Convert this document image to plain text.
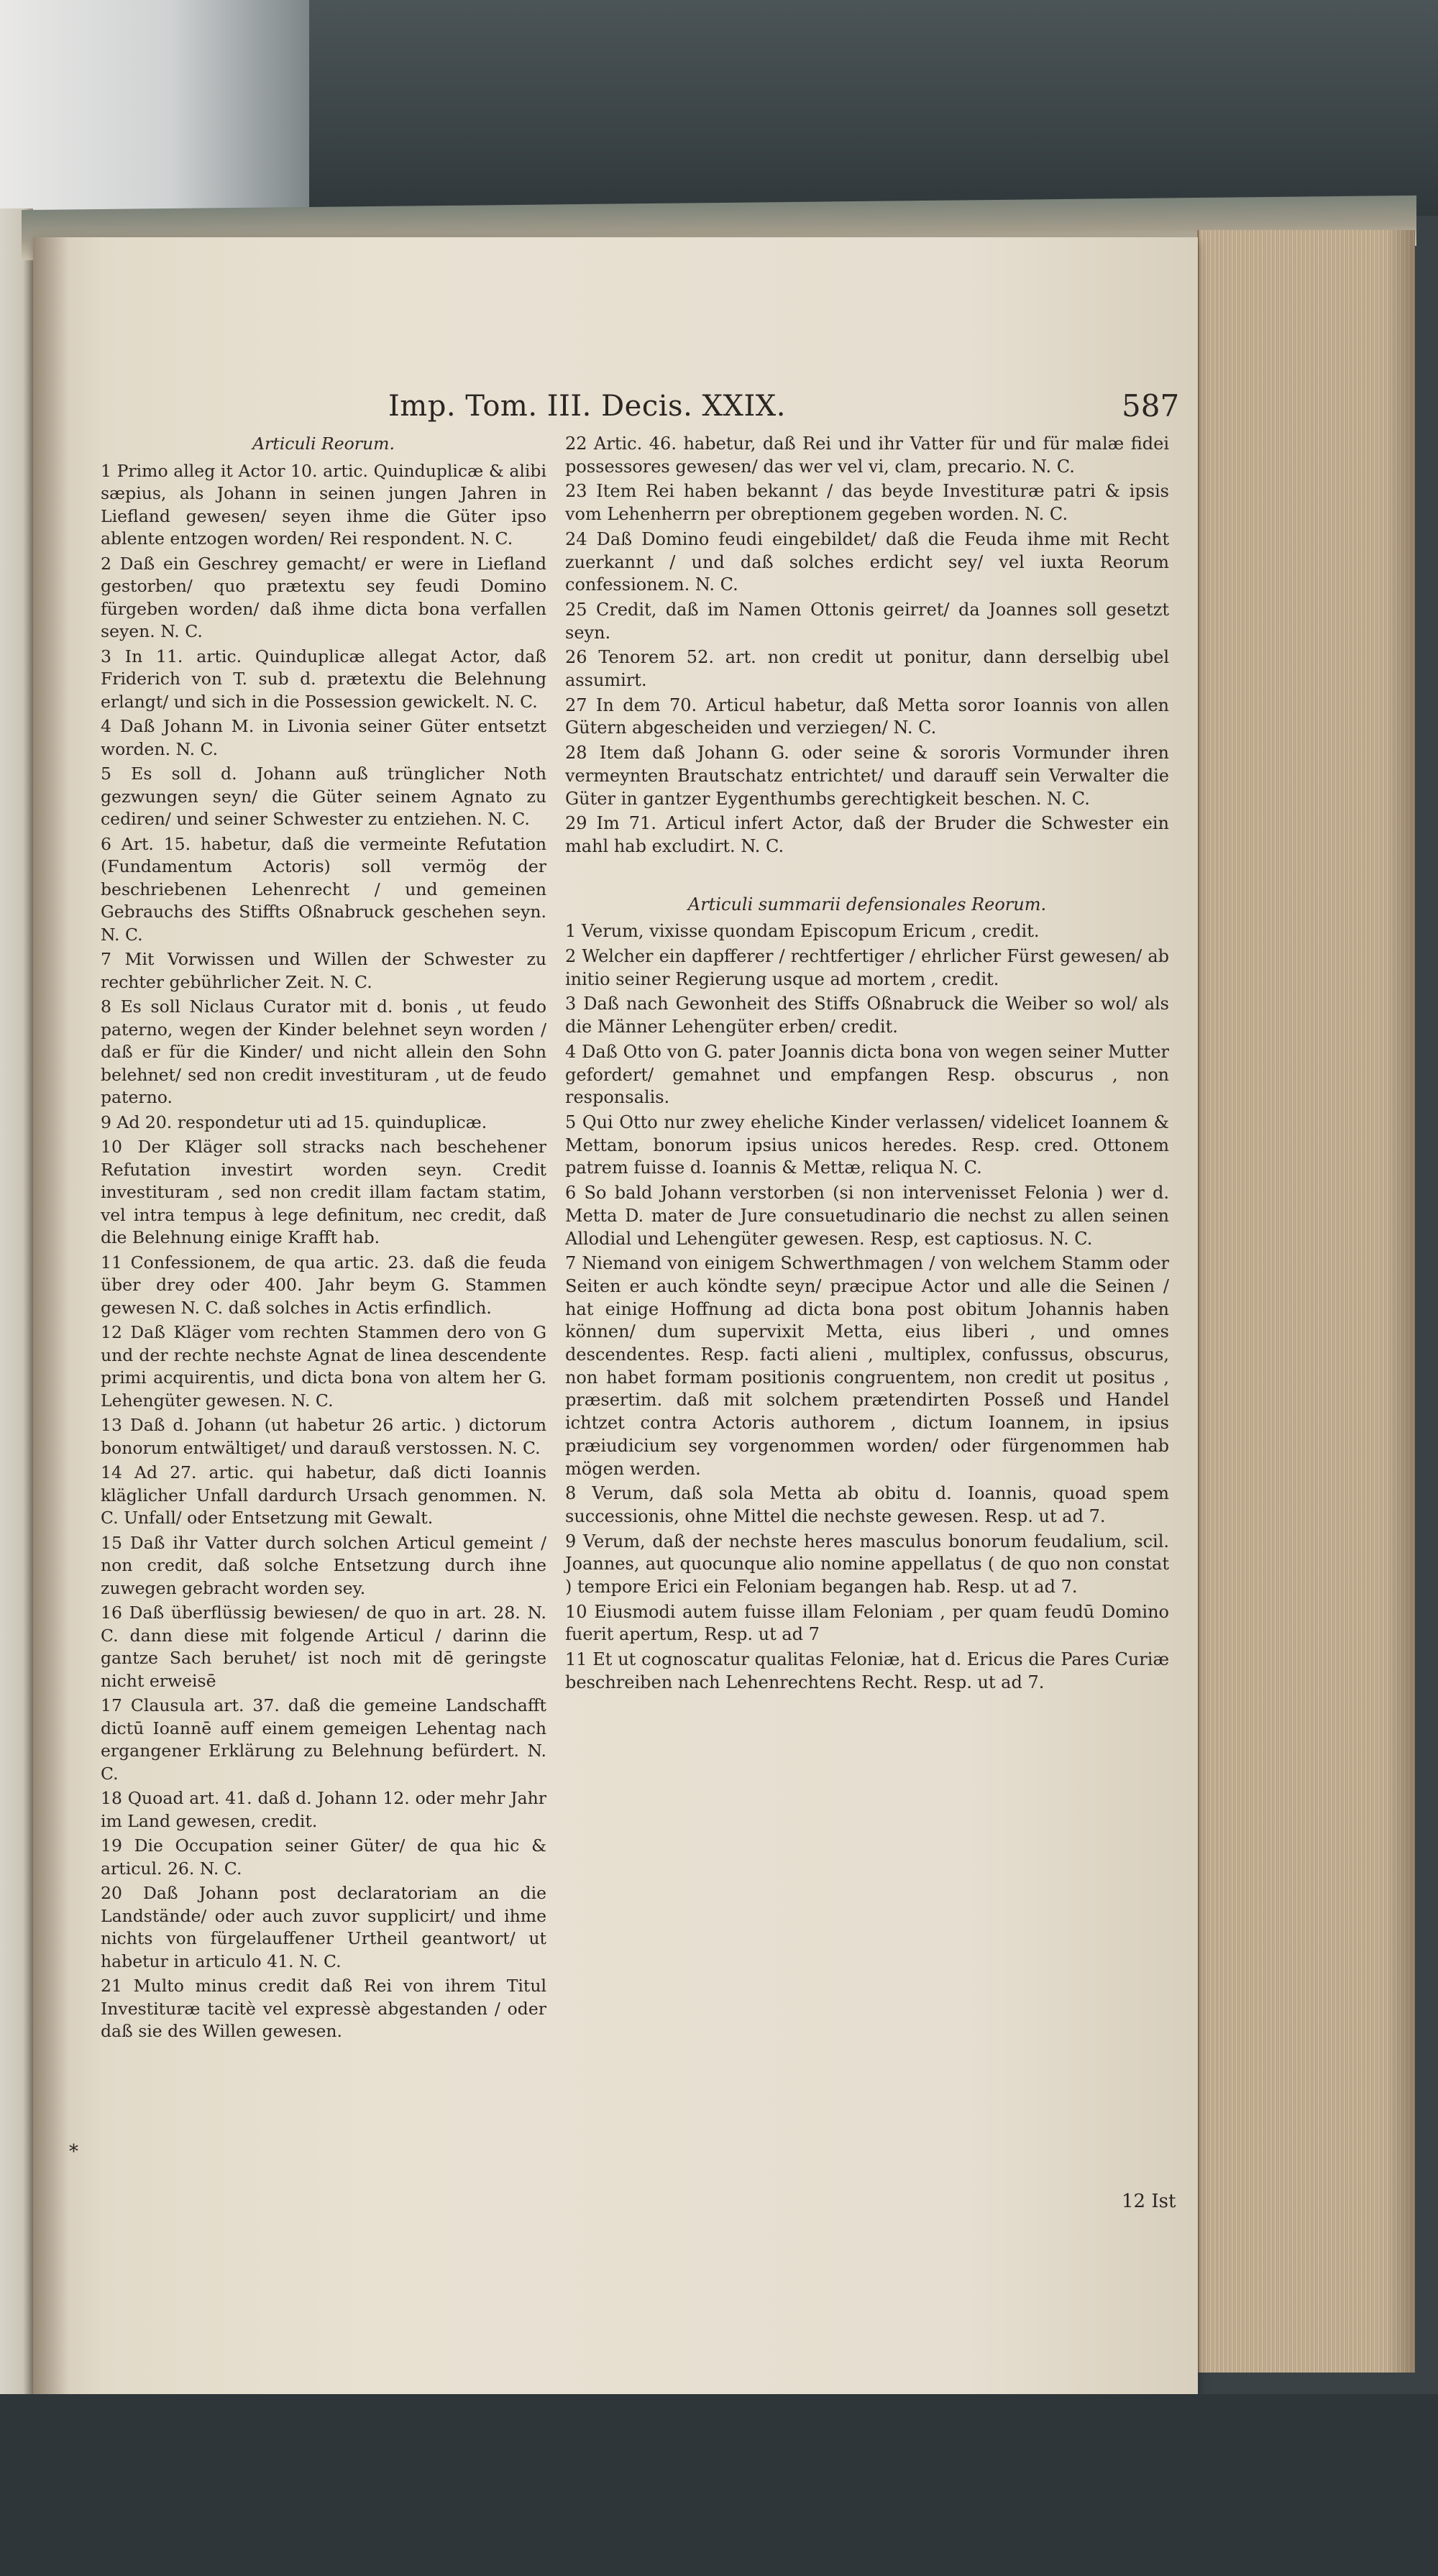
Imp. Tom. III. Decis. XXIX.	587

Articuli Reorum.

1 Primo alleg it Actor 10. artic. Quinduplicæ & alibi sæpius, als Johann in seinen jungen Jahren in Liefland gewesen/ seyen ihme die Güter ipso ablente entzogen worden/ Rei respondent. N. C.

2 Daß ein Geschrey gemacht/ er were in Liefland gestorben/ quo prætextu sey feudi Domino fürgeben worden/ daß ihme dicta bona verfallen seyen. N. C.

3 In 11. artic. Quinduplicæ allegat Actor, daß Friderich von T. sub d. prætextu die Belehnung erlangt/ und sich in die Possession gewickelt. N. C.

4 Daß Johann M. in Livonia seiner Güter entsetzt worden. N. C.

5 Es soll d. Johann auß trünglicher Noth gezwungen seyn/ die Güter seinem Agnato zu cediren/ und seiner Schwester zu entziehen. N. C.

6 Art. 15. habetur, daß die vermeinte Refutation (Fundamentum Actoris) soll vermög der beschriebenen Lehenrecht / und gemeinen Gebrauchs des Stiffts Oßnabruck geschehen seyn. N. C.

7 Mit Vorwissen und Willen der Schwester zu rechter gebührlicher Zeit. N. C.

8 Es soll Niclaus Curator mit d. bonis , ut feudo paterno, wegen der Kinder belehnet seyn worden / daß er für die Kinder/ und nicht allein den Sohn belehnet/ sed non credit investituram , ut de feudo paterno.

9 Ad 20. respondetur uti ad 15. quinduplicæ.

10 Der Kläger soll stracks nach beschehener Refutation investirt worden seyn. Credit investituram , sed non credit illam factam statim, vel intra tempus à lege definitum, nec credit, daß die Belehnung einige Krafft hab.

11 Confessionem, de qua artic. 23. daß die feuda über drey oder 400. Jahr beym G. Stammen gewesen N. C. daß solches in Actis erfindlich.

12 Daß Kläger vom rechten Stammen dero von G und der rechte nechste Agnat de linea descendente primi acquirentis, und dicta bona von altem her G. Lehengüter gewesen. N. C.

13 Daß d. Johann (ut habetur 26 artic. ) dictorum bonorum entwältiget/ und darauß verstossen. N. C.

14 Ad 27. artic. qui habetur, daß dicti Ioannis kläglicher Unfall dardurch Ursach genommen. N. C. Unfall/ oder Entsetzung mit Gewalt.

15 Daß ihr Vatter durch solchen Articul gemeint / non credit, daß solche Entsetzung durch ihne zuwegen gebracht worden sey.

16 Daß überflüssig bewiesen/ de quo in art. 28. N. C. dann diese mit folgende Articul / darinn die gantze Sach beruhet/ ist noch mit dē geringste nicht erweisē

17 Clausula art. 37. daß die gemeine Landschafft dictū Ioannē auff einem gemeigen Lehentag nach ergangener Erklärung zu Belehnung befürdert. N. C.

18 Quoad art. 41. daß d. Johann 12. oder mehr Jahr im Land gewesen, credit.

19 Die Occupation seiner Güter/ de qua hic & articul. 26. N. C.

20 Daß Johann post declaratoriam an die Landstände/ oder auch zuvor supplicirt/ und ihme nichts von fürgelauffener Urtheil geantwort/ ut habetur in articulo 41. N. C.

21 Multo minus credit daß Rei von ihrem Titul Investituræ tacitè vel expressè abgestanden / oder daß sie des Willen gewesen.

22 Artic. 46. habetur, daß Rei und ihr Vatter für und für malæ fidei possessores gewesen/ das wer vel vi, clam, precario. N. C.

23 Item Rei haben bekannt / das beyde Investituræ patri & ipsis vom Lehenherrn per obreptionem gegeben worden. N. C.

24 Daß Domino feudi eingebildet/ daß die Feuda ihme mit Recht zuerkannt / und daß solches erdicht sey/ vel iuxta Reorum confessionem. N. C.

25 Credit, daß im Namen Ottonis geirret/ da Joannes soll gesetzt seyn.

26 Tenorem 52. art. non credit ut ponitur, dann derselbig ubel assumirt.

27 In dem 70. Articul habetur, daß Metta soror Ioannis von allen Gütern abgescheiden und verziegen/ N. C.

28 Item daß Johann G. oder seine & sororis Vormunder ihren vermeynten Brautschatz entrichtet/ und darauff sein Verwalter die Güter in gantzer Eygenthumbs gerechtigkeit beschen. N. C.

29 Im 71. Articul infert Actor, daß der Bruder die Schwester ein mahl hab excludirt. N. C.

Articuli summarii defensionales Reorum.

1 Verum, vixisse quondam Episcopum Ericum , credit.

2 Welcher ein dapfferer / rechtfertiger / ehrlicher Fürst gewesen/ ab initio seiner Regierung usque ad mortem , credit.

3 Daß nach Gewonheit des Stiffs Oßnabruck die Weiber so wol/ als die Männer Lehengüter erben/ credit.

4 Daß Otto von G. pater Joannis dicta bona von wegen seiner Mutter gefordert/ gemahnet und empfangen Resp. obscurus , non responsalis.

5 Qui Otto nur zwey eheliche Kinder verlassen/ videlicet Ioannem & Mettam, bonorum ipsius unicos heredes. Resp. cred. Ottonem patrem fuisse d. Ioannis & Mettæ, reliqua N. C.

6 So bald Johann verstorben (si non intervenisset Felonia ) wer d. Metta D. mater de Jure consuetudinario die nechst zu allen seinen Allodial und Lehengüter gewesen. Resp, est captiosus. N. C.

7 Niemand von einigem Schwerthmagen / von welchem Stamm oder Seiten er auch köndte seyn/ præcipue Actor und alle die Seinen / hat einige Hoffnung ad dicta bona post obitum Johannis haben können/ dum supervixit Metta, eius liberi , und omnes descendentes. Resp. facti alieni , multiplex, confussus, obscurus, non habet formam positionis congruentem, non credit ut positus , præsertim. daß mit solchem prætendirten Posseß und Handel ichtzet contra Actoris authorem , dictum Ioannem, in ipsius præiudicium sey vorgenommen worden/ oder fürgenommen hab mögen werden.

8 Verum, daß sola Metta ab obitu d. Ioannis, quoad spem successionis, ohne Mittel die nechste gewesen. Resp. ut ad 7.

9 Verum, daß der nechste heres masculus bonorum feudalium, scil. Joannes, aut quocunque alio nomine appellatus ( de quo non constat ) tempore Erici ein Feloniam begangen hab. Resp. ut ad 7.

10 Eiusmodi autem fuisse illam Feloniam , per quam feudū Domino fuerit apertum, Resp. ut ad 7

11 Et ut cognoscatur qualitas Feloniæ, hat d. Ericus die Pares Curiæ beschreiben nach Lehenrechtens Recht. Resp. ut ad 7.

*
12 Ist
